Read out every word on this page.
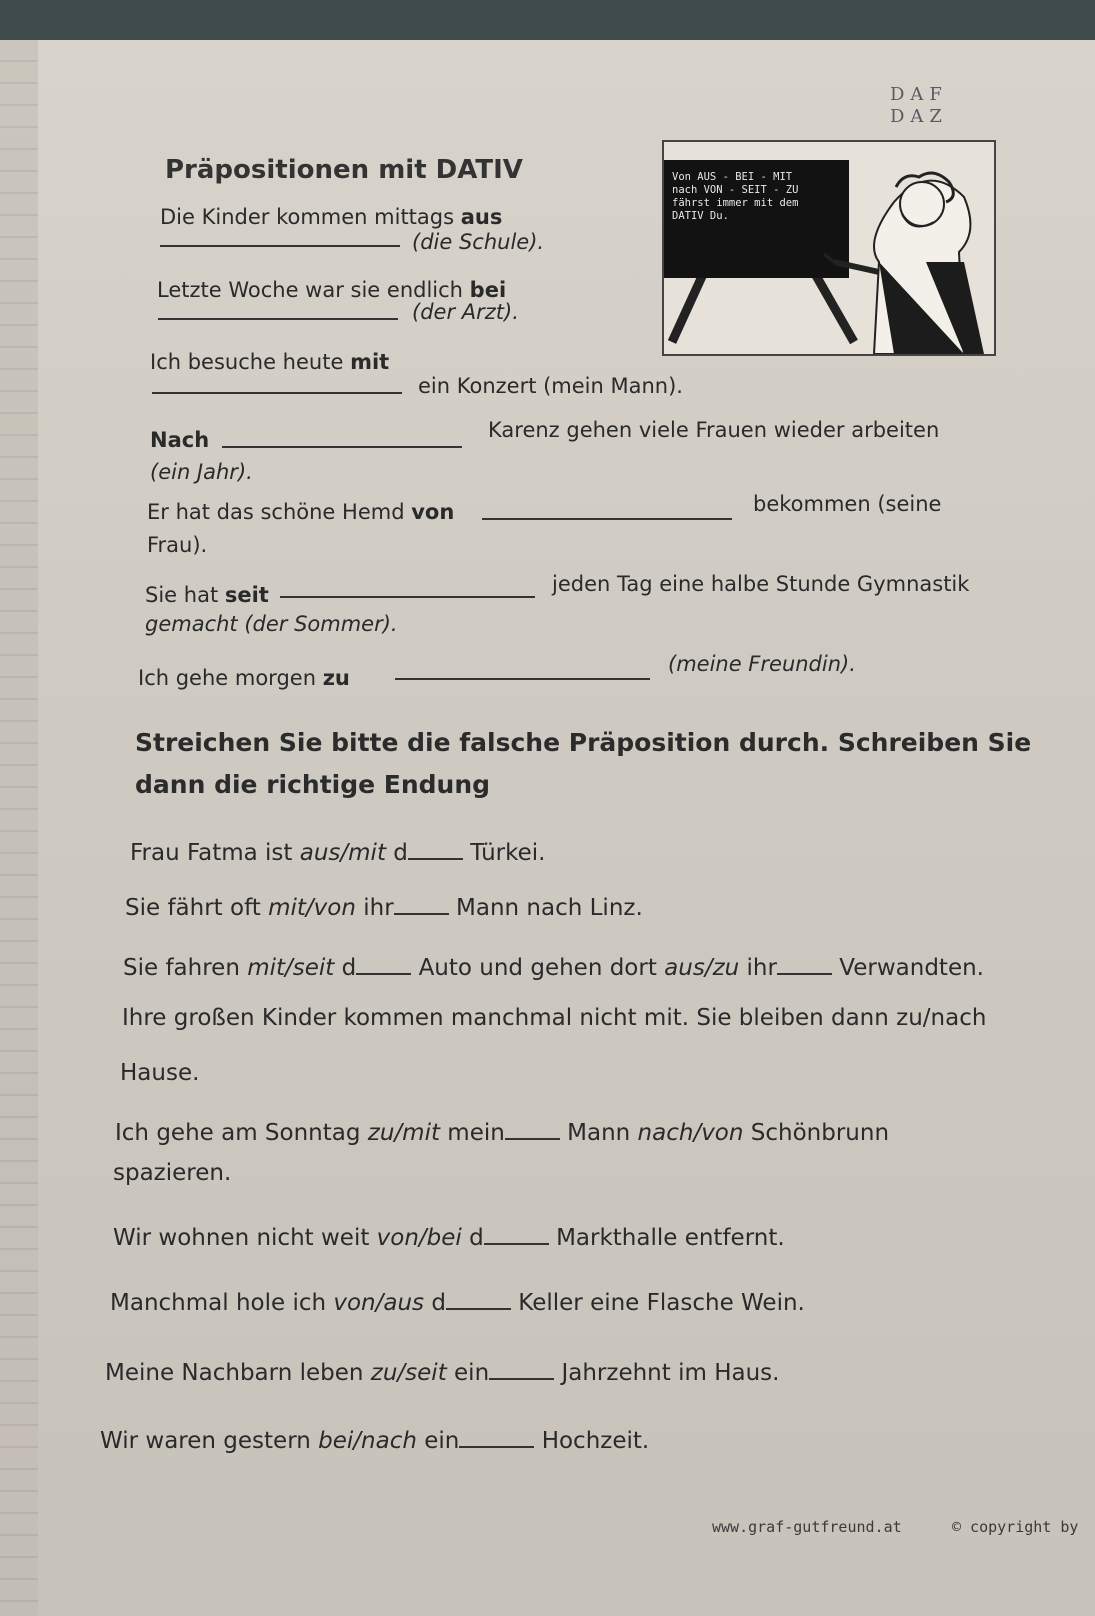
DAF
DAZ
Präpositionen mit DATIV	Von AUS - BEI - MIT
nach VON - SEIT - ZU
fährst immer mit dem
DATIV Du.
Die Kinder kommen mittags aus
(die Schule).
Letzte Woche war sie endlich bei
(der Arzt).
Ich besuche heute mit
ein Konzert (mein Mann).
Nach	Karenz gehen viele Frauen wieder arbeiten
(ein Jahr).
Er hat das schöne Hemd von	bekommen (seine
Frau).
Sie hat seit	jeden Tag eine halbe Stunde Gymnastik
gemacht (der Sommer).
Ich gehe morgen zu
(meine Freundin).
Streichen Sie bitte die falsche Präposition durch. Schreiben Sie dann die richtige Endung
Frau Fatma ist aus/mit d	Türkei.
Sie fährt oft mit/von ihr	Mann nach Linz.
Sie fahren mit/seit d	Auto und gehen dort aus/zu ihr	Verwandten.
Ihre großen Kinder kommen manchmal nicht mit. Sie bleiben dann zu/nach
Hause.
Ich gehe am Sonntag zu/mit mein	Mann nach/von Schönbrunn
spazieren.
Wir wohnen nicht weit von/bei d	Markthalle entfernt.
Manchmal hole ich von/aus d	Keller eine Flasche Wein.
Meine Nachbarn leben zu/seit ein	Jahrzehnt im Haus.
Wir waren gestern bei/nach ein	Hochzeit.
www.graf-gutfreund.at	© copyright by
